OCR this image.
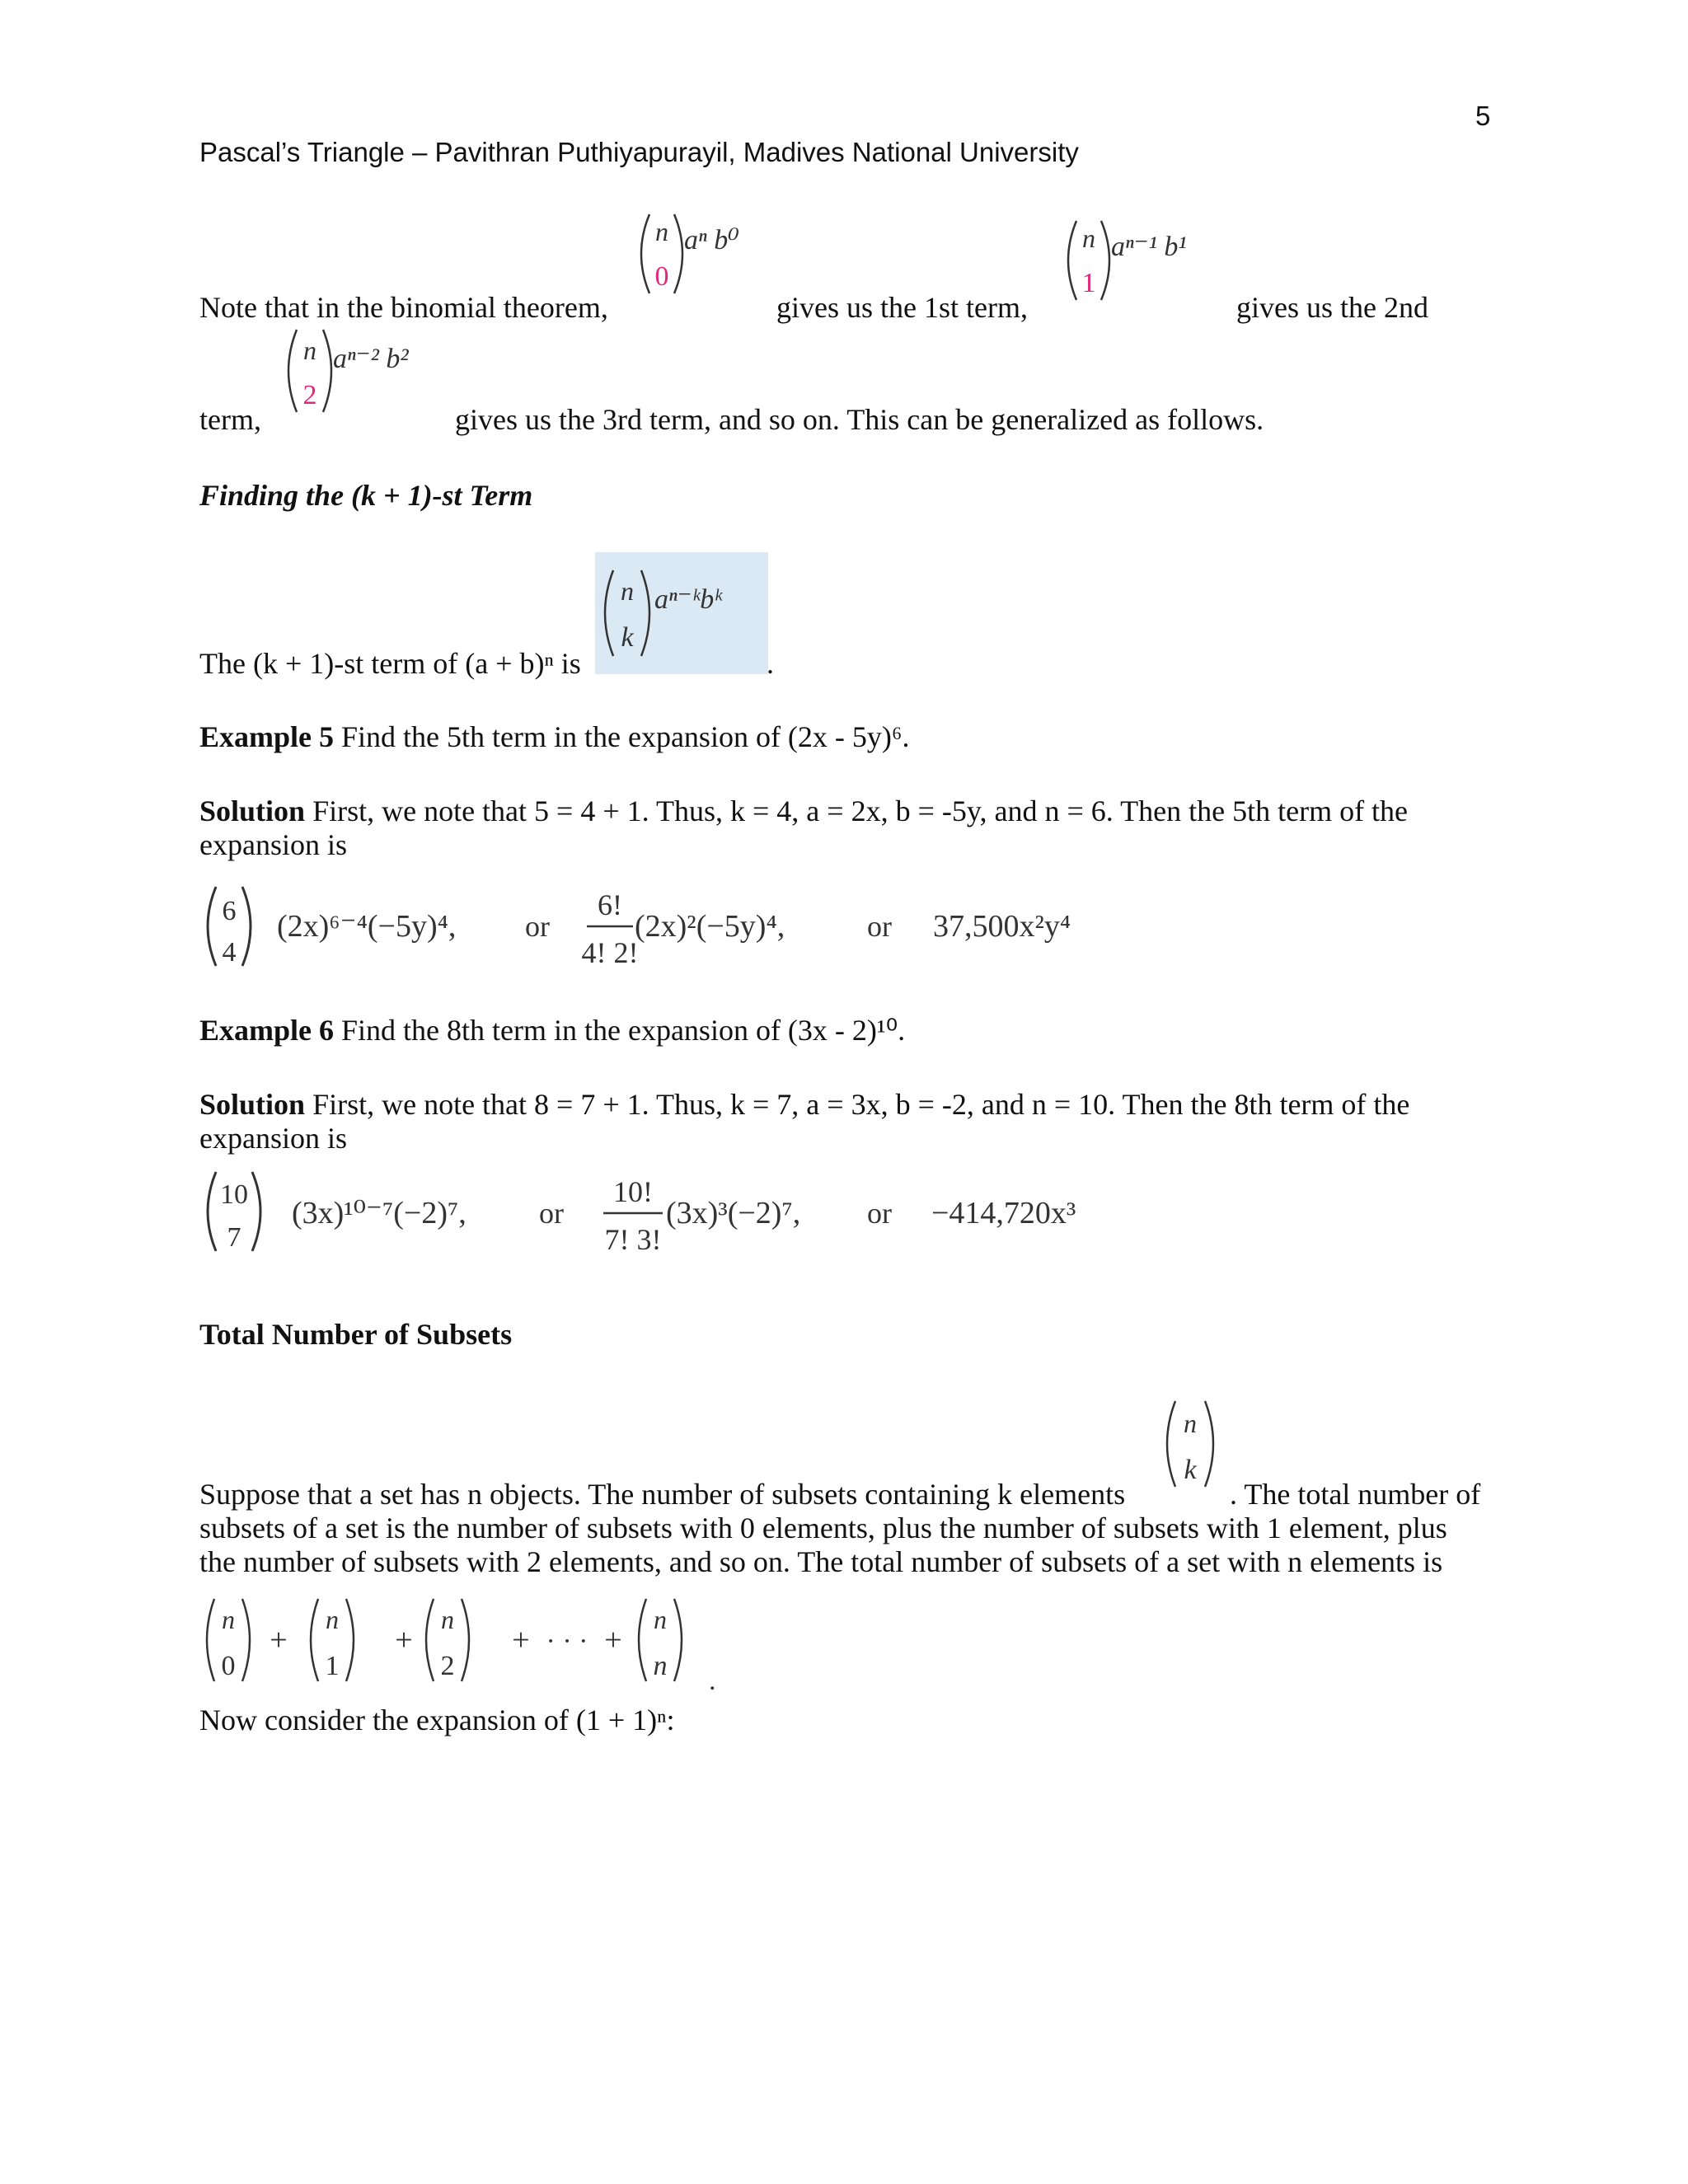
5
Pascal’s Triangle – Pavithran Puthiyapurayil, Madives National University
Note that in the binomial theorem,
n
0
aⁿ b⁰
gives us the 1st term,
n
1
aⁿ⁻¹ b¹
gives us the 2nd
term,
n
2
aⁿ⁻² b²
gives us the 3rd term, and so on. This can be generalized as follows.
Finding the (k + 1)-st Term
The (k + 1)-st term of (a + b)ⁿ is
n
k
aⁿ⁻ᵏbᵏ
.
Example 5 Find the 5th term in the expansion of (2x - 5y)⁶.
Solution First, we note that 5 = 4 + 1. Thus, k = 4, a = 2x, b = -5y, and n = 6. Then the 5th term of the
expansion is
6
4
(2x)⁶⁻⁴(−5y)⁴, or
6!
4! 2!
(2x)²(−5y)⁴,	or 37,500x²y⁴
Example 6 Find the 8th term in the expansion of (3x - 2)¹⁰.
Solution First, we note that 8 = 7 + 1. Thus, k = 7, a = 3x, b = -2, and n = 10. Then the 8th term of the
expansion is
10
7
(3x)¹⁰⁻⁷(−2)⁷, or
10!
7! 3!
(3x)³(−2)⁷, or −414,720x³
Total Number of Subsets
Suppose that a set has n objects. The number of subsets containing k elements
n
k
. The total number of
subsets of a set is the number of subsets with 0 elements, plus the number of subsets with 1 element, plus
the number of subsets with 2 elements, and so on. The total number of subsets of a set with n elements is
n
0
+
n
1
+
n
2
+ · · · +
n
n .
Now consider the expansion of (1 + 1)ⁿ:
